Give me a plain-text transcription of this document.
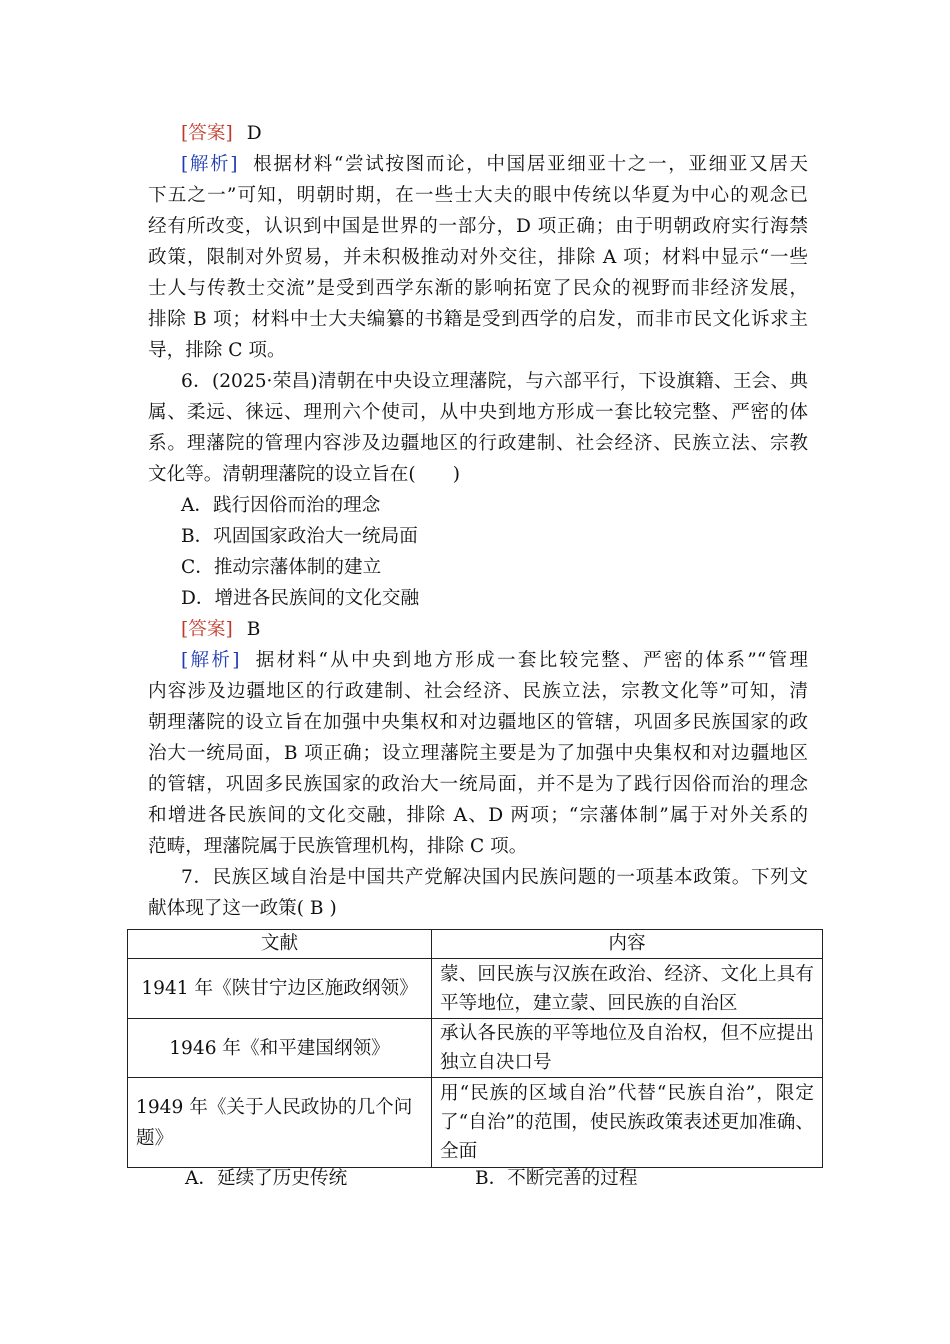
[答案] D
[解析] 根据材料“尝试按图而论，中国居亚细亚十之一，亚细亚又居天
下五之一”可知，明朝时期，在一些士大夫的眼中传统以华夏为中心的观念已
经有所改变，认识到中国是世界的一部分，D 项正确；由于明朝政府实行海禁
政策，限制对外贸易，并未积极推动对外交往，排除 A 项；材料中显示“一些
士人与传教士交流”是受到西学东渐的影响拓宽了民众的视野而非经济发展，
排除 B 项；材料中士大夫编纂的书籍是受到西学的启发，而非市民文化诉求主
导，排除 C 项。
6．(2025·荣昌)清朝在中央设立理藩院，与六部平行，下设旗籍、王会、典
属、柔远、徕远、理刑六个使司，从中央到地方形成一套比较完整、严密的体
系。理藩院的管理内容涉及边疆地区的行政建制、社会经济、民族立法、宗教
文化等。清朝理藩院的设立旨在(　　)
A．践行因俗而治的理念
B．巩固国家政治大一统局面
C．推动宗藩体制的建立
D．增进各民族间的文化交融
[答案] B
[解析] 据材料“从中央到地方形成一套比较完整、严密的体系”“管理
内容涉及边疆地区的行政建制、社会经济、民族立法，宗教文化等”可知，清
朝理藩院的设立旨在加强中央集权和对边疆地区的管辖，巩固多民族国家的政
治大一统局面，B 项正确；设立理藩院主要是为了加强中央集权和对边疆地区
的管辖，巩固多民族国家的政治大一统局面，并不是为了践行因俗而治的理念
和增进各民族间的文化交融，排除 A、D 两项；“宗藩体制”属于对外关系的
范畴，理藩院属于民族管理机构，排除 C 项。
7．民族区域自治是中国共产党解决国内民族问题的一项基本政策。下列文
献体现了这一政策( B )
文献	内容
1941 年《陕甘宁边区施政纲领》	蒙、回民族与汉族在政治、经济、文化上具有平等地位，建立蒙、回民族的自治区
1946 年《和平建国纲领》	承认各民族的平等地位及自治权，但不应提出独立自决口号
1949 年《关于人民政协的几个问题》	用“民族的区域自治”代替“民族自治”，限定了“自治”的范围，使民族政策表述更加准确、全面
A．延续了历史传统	B．不断完善的过程
